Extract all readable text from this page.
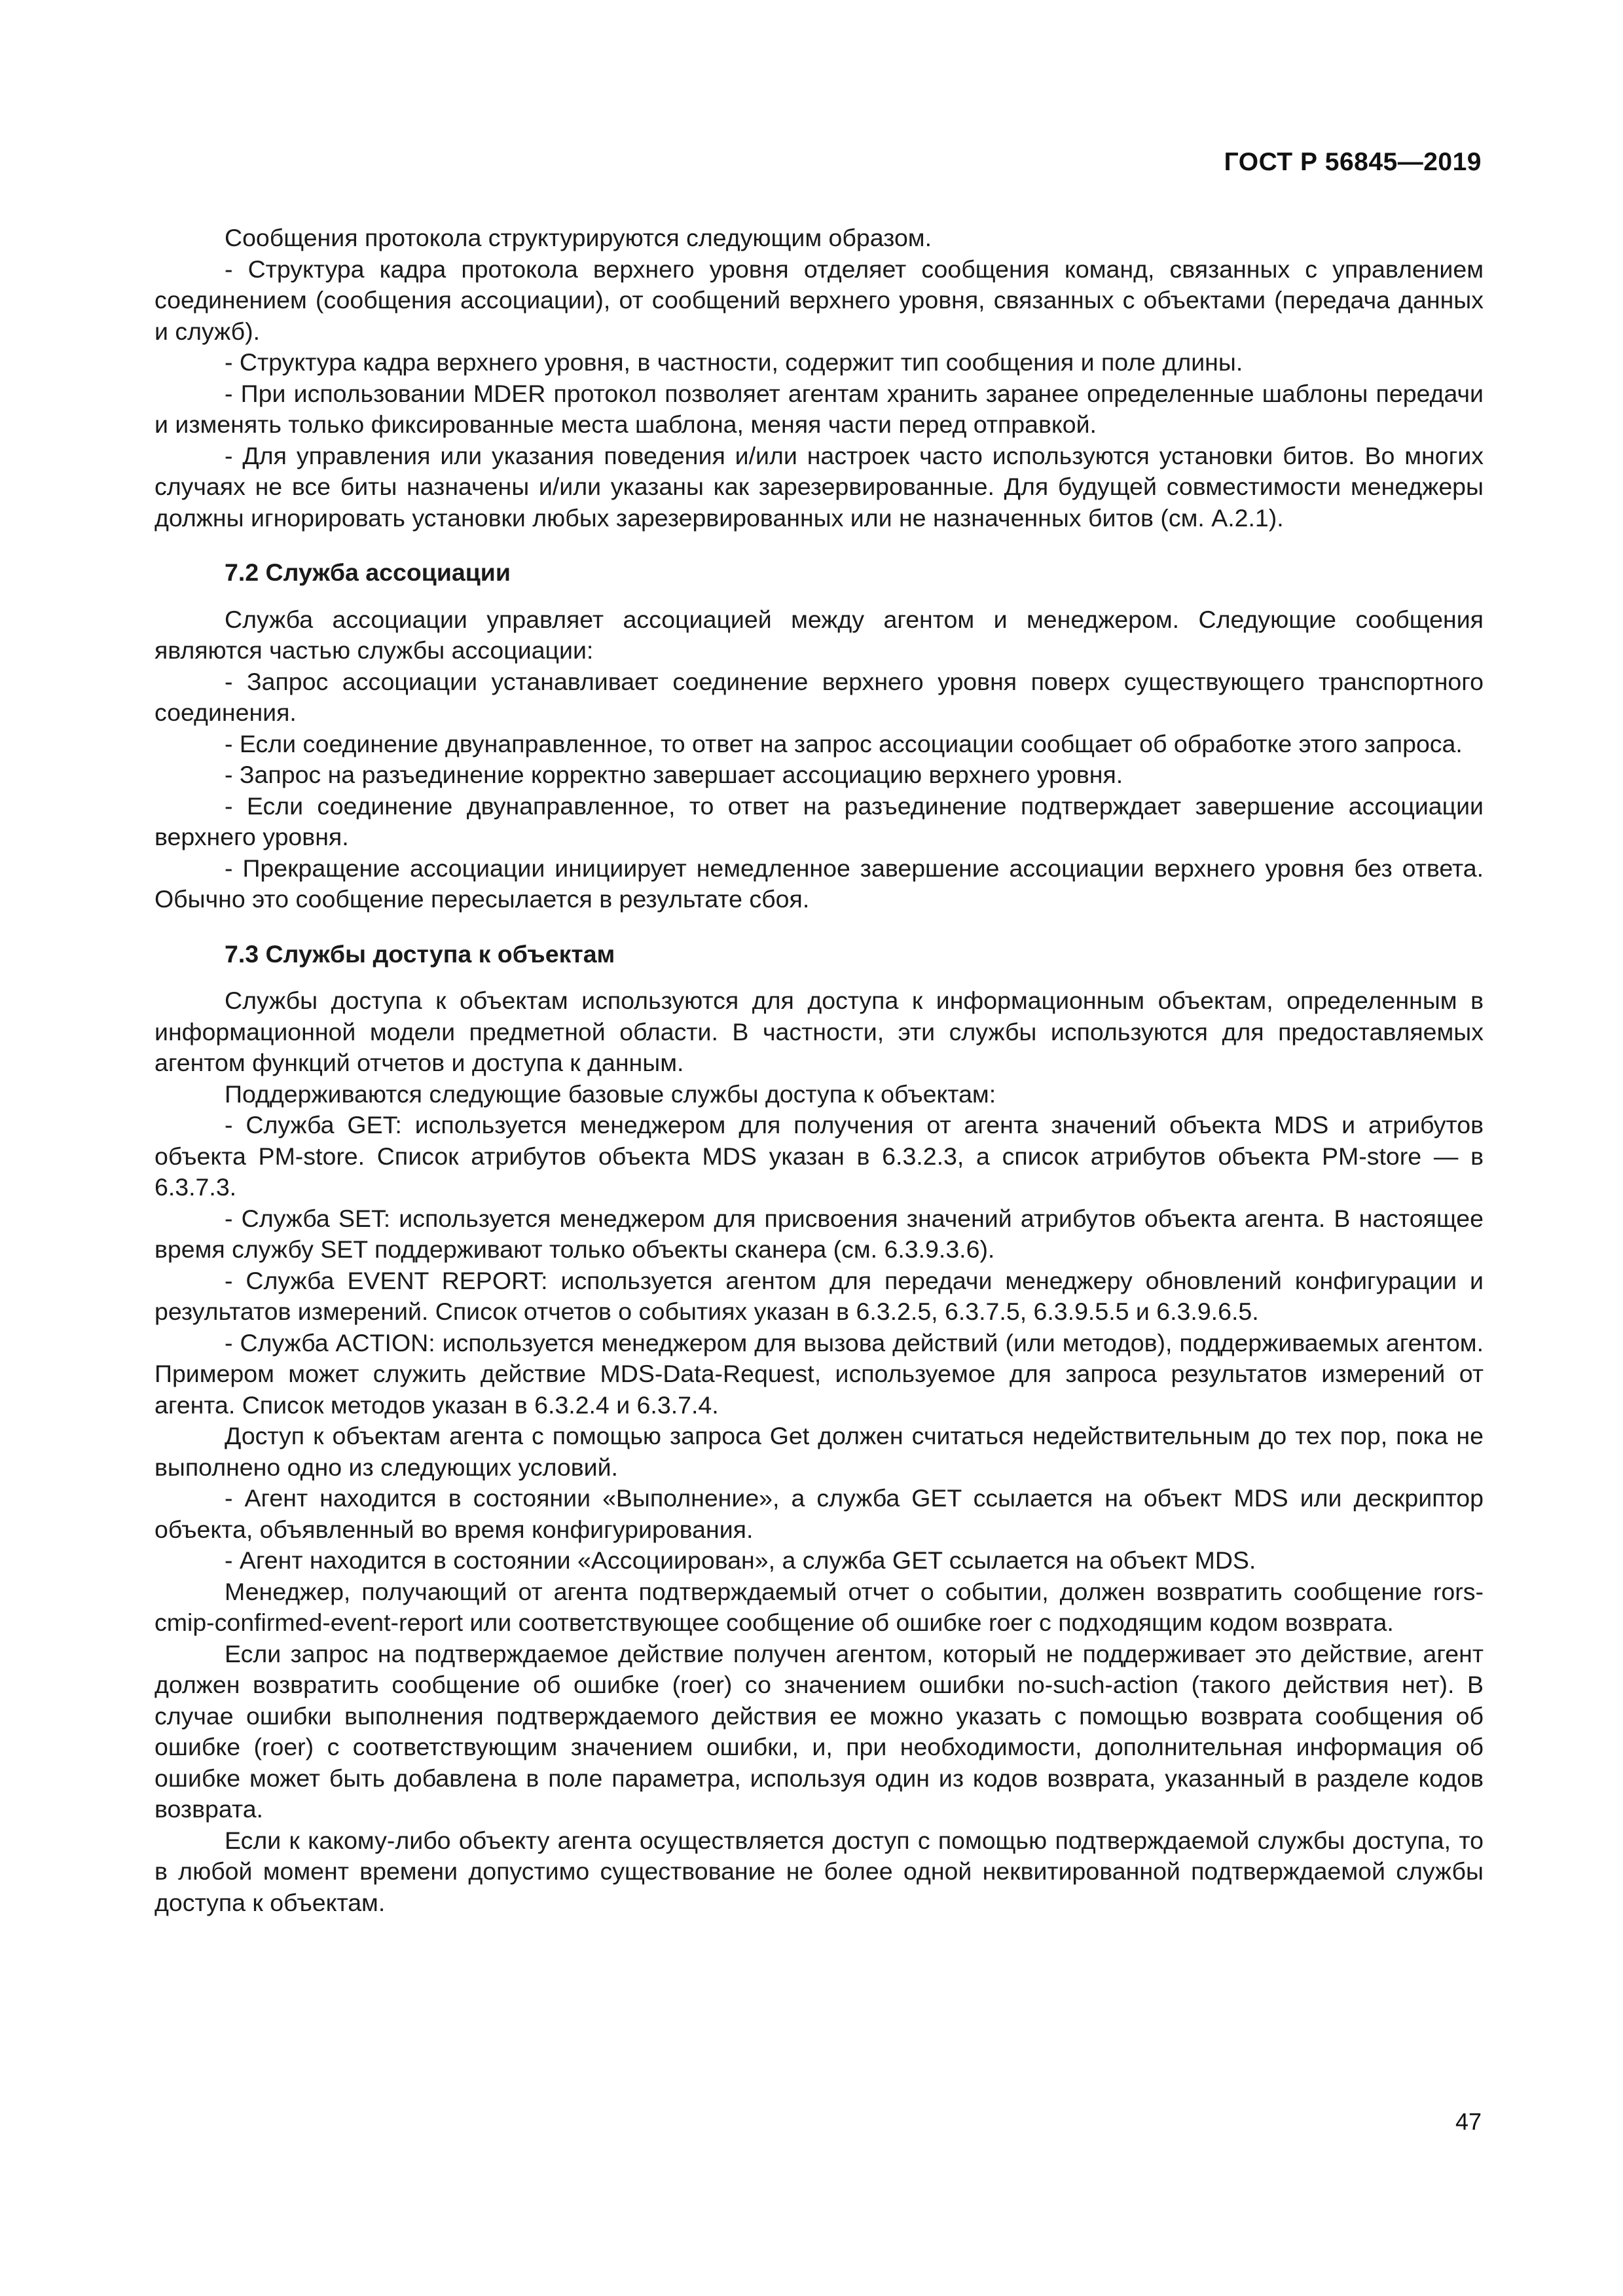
ГОСТ Р 56845—2019

Сообщения протокола структурируются следующим образом.

- Структура кадра протокола верхнего уровня отделяет сообщения команд, связанных с управлением соединением (сообщения ассоциации), от сообщений верхнего уровня, связанных с объектами (передача данных и служб).

- Структура кадра верхнего уровня, в частности, содержит тип сообщения и поле длины.

- При использовании MDER протокол позволяет агентам хранить заранее определенные шаблоны передачи и изменять только фиксированные места шаблона, меняя части перед отправкой.

- Для управления или указания поведения и/или настроек часто используются установки битов. Во многих случаях не все биты назначены и/или указаны как зарезервированные. Для будущей совместимости менеджеры должны игнорировать установки любых зарезервированных или не назначенных битов (см. А.2.1).

7.2 Служба ассоциации

Служба ассоциации управляет ассоциацией между агентом и менеджером. Следующие сообщения являются частью службы ассоциации:

- Запрос ассоциации устанавливает соединение верхнего уровня поверх существующего транспортного соединения.

- Если соединение двунаправленное, то ответ на запрос ассоциации сообщает об обработке этого запроса.

- Запрос на разъединение корректно завершает ассоциацию верхнего уровня.

- Если соединение двунаправленное, то ответ на разъединение подтверждает завершение ассоциации верхнего уровня.

- Прекращение ассоциации инициирует немедленное завершение ассоциации верхнего уровня без ответа. Обычно это сообщение пересылается в результате сбоя.

7.3 Службы доступа к объектам

Службы доступа к объектам используются для доступа к информационным объектам, определенным в информационной модели предметной области. В частности, эти службы используются для предоставляемых агентом функций отчетов и доступа к данным.

Поддерживаются следующие базовые службы доступа к объектам:

- Служба GET: используется менеджером для получения от агента значений объекта MDS и атрибутов объекта PM-store. Список атрибутов объекта MDS указан в 6.3.2.3, а список атрибутов объекта PM-store — в 6.3.7.3.

- Служба SET: используется менеджером для присвоения значений атрибутов объекта агента. В настоящее время службу SET поддерживают только объекты сканера (см. 6.3.9.3.6).

- Служба EVENT REPORT: используется агентом для передачи менеджеру обновлений конфигурации и результатов измерений. Список отчетов о событиях указан в 6.3.2.5, 6.3.7.5, 6.3.9.5.5 и 6.3.9.6.5.

- Служба ACTION: используется менеджером для вызова действий (или методов), поддерживаемых агентом. Примером может служить действие MDS-Data-Request, используемое для запроса результатов измерений от агента. Список методов указан в 6.3.2.4 и 6.3.7.4.

Доступ к объектам агента с помощью запроса Get должен считаться недействительным до тех пор, пока не выполнено одно из следующих условий.

- Агент находится в состоянии «Выполнение», а служба GET ссылается на объект MDS или дескриптор объекта, объявленный во время конфигурирования.

- Агент находится в состоянии «Ассоциирован», а служба GET ссылается на объект MDS.

Менеджер, получающий от агента подтверждаемый отчет о событии, должен возвратить сообщение rors-cmip-confirmed-event-report или соответствующее сообщение об ошибке roer с подходящим кодом возврата.

Если запрос на подтверждаемое действие получен агентом, который не поддерживает это действие, агент должен возвратить сообщение об ошибке (roer) со значением ошибки no-such-action (такого действия нет). В случае ошибки выполнения подтверждаемого действия ее можно указать с помощью возврата сообщения об ошибке (roer) с соответствующим значением ошибки, и, при необходимости, дополнительная информация об ошибке может быть добавлена в поле параметра, используя один из кодов возврата, указанный в разделе кодов возврата.

Если к какому-либо объекту агента осуществляется доступ с помощью подтверждаемой службы доступа, то в любой момент времени допустимо существование не более одной неквитированной подтверждаемой службы доступа к объектам.

47
